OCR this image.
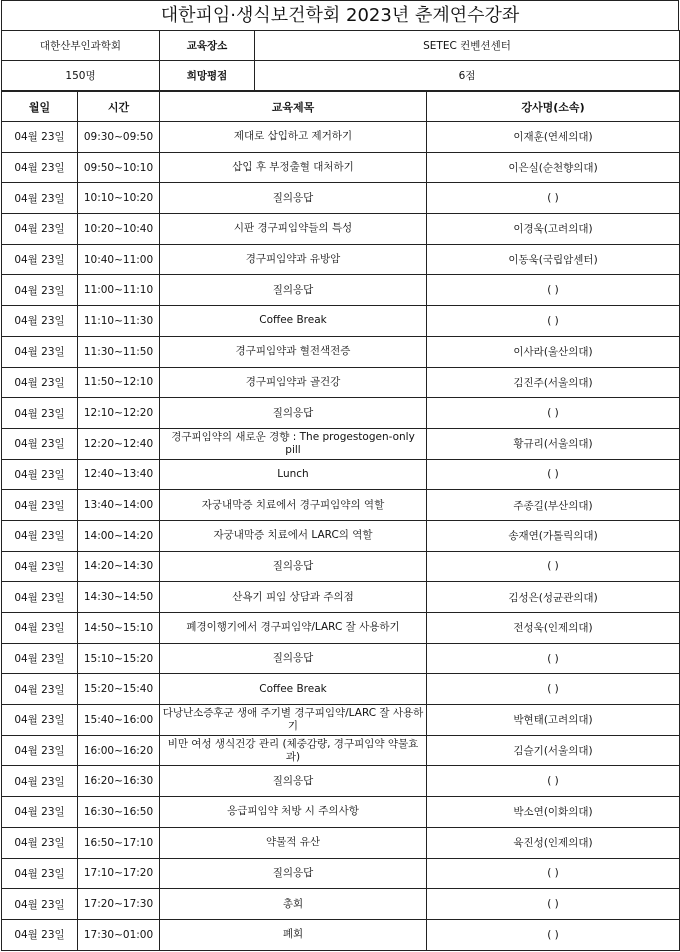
대한피임·생식보건학회 2023년 춘계연수강좌
대한산부인과학회	교육장소	SETEC 컨벤션센터
150명	희망평점	6점
월일	시간	교육제목	강사명(소속)
04월 23일	09:30~09:50	제대로 삽입하고 제거하기	이재훈(연세의대)
04월 23일	09:50~10:10	삽입 후 부정출혈 대처하기	이은실(순천향의대)
04월 23일	10:10~10:20	질의응답	( )
04월 23일	10:20~10:40	시판 경구피임약들의 특성	이경욱(고려의대)
04월 23일	10:40~11:00	경구피임약과 유방암	이동욱(국립암센터)
04월 23일	11:00~11:10	질의응답	( )
04월 23일	11:10~11:30	Coffee Break	( )
04월 23일	11:30~11:50	경구피임약과 혈전색전증	이사라(울산의대)
04월 23일	11:50~12:10	경구피임약과 골건강	김진주(서울의대)
04월 23일	12:10~12:20	질의응답	( )
04월 23일	12:20~12:40	경구피임약의 새로운 경향 : The progestogen-only pill	황규리(서울의대)
04월 23일	12:40~13:40	Lunch	( )
04월 23일	13:40~14:00	자궁내막증 치료에서 경구피임약의 역할	주종길(부산의대)
04월 23일	14:00~14:20	자궁내막증 치료에서 LARC의 역할	송재연(가톨릭의대)
04월 23일	14:20~14:30	질의응답	( )
04월 23일	14:30~14:50	산욕기 피임 상담과 주의점	김성은(성균관의대)
04월 23일	14:50~15:10	폐경이행기에서 경구피임약/LARC 잘 사용하기	전성욱(인제의대)
04월 23일	15:10~15:20	질의응답	( )
04월 23일	15:20~15:40	Coffee Break	( )
04월 23일	15:40~16:00	다낭난소증후군 생애 주기별 경구피임약/LARC 잘 사용하기	박현태(고려의대)
04월 23일	16:00~16:20	비만 여성 생식건강 관리 (체중감량, 경구피임약 약물효과)	김슬기(서울의대)
04월 23일	16:20~16:30	질의응답	( )
04월 23일	16:30~16:50	응급피임약 처방 시 주의사항	박소연(이화의대)
04월 23일	16:50~17:10	약물적 유산	육진성(인제의대)
04월 23일	17:10~17:20	질의응답	( )
04월 23일	17:20~17:30	총회	( )
04월 23일	17:30~01:00	폐회	( )
